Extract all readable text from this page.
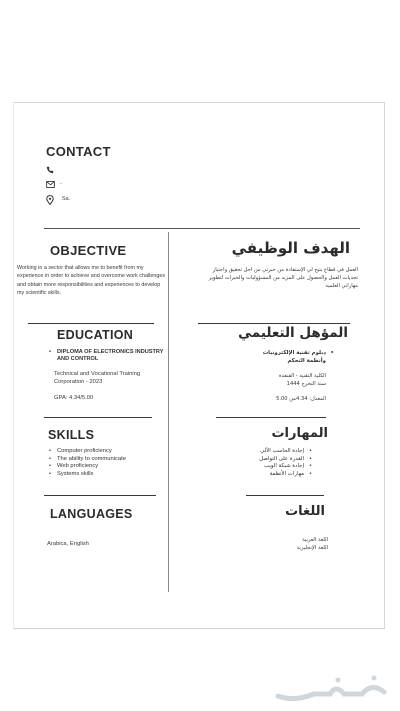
CONTACT
-
Sa.
OBJECTIVE
Working in a sector that allows me to benefit from my experience in order to achieve and overcome work challenges and obtain more responsibilities and experiences to develop my scientific skills.
الهدف الوظيفي
العمل في قطاع يتيح لي الإستفادة من خبرتي من اجل تحقيق واجتياز تحديات العمل والحصول على المزيد من المسؤوليات والخبرات لتطوير مهاراتي العلمية
EDUCATION
• DIPLOMA OF ELECTRONICS INDUSTRY AND CONTROL
Technical and Vocational Training Corporation - 2023
GPA: 4.34/5.00
المؤهل التعليمي
• دبلوم تقنية الإلكترونيات وأنظمة التحكم
الكلية التقنية - القنفذة
سنة التخرج 1444
المعدل: 4.34من 5.00
SKILLS
• Computer proficiency
• The ability to communicate
• Web proficiency
• Systems skills
المهارات
• إجادة الحاسب الآلي
• القدرة على التواصل
• إجادة شبكة الويب
• مهارات الأنظمة
LANGUAGES
Arabica, English
اللغات
اللغة العربية
اللغة الإنجليزية
